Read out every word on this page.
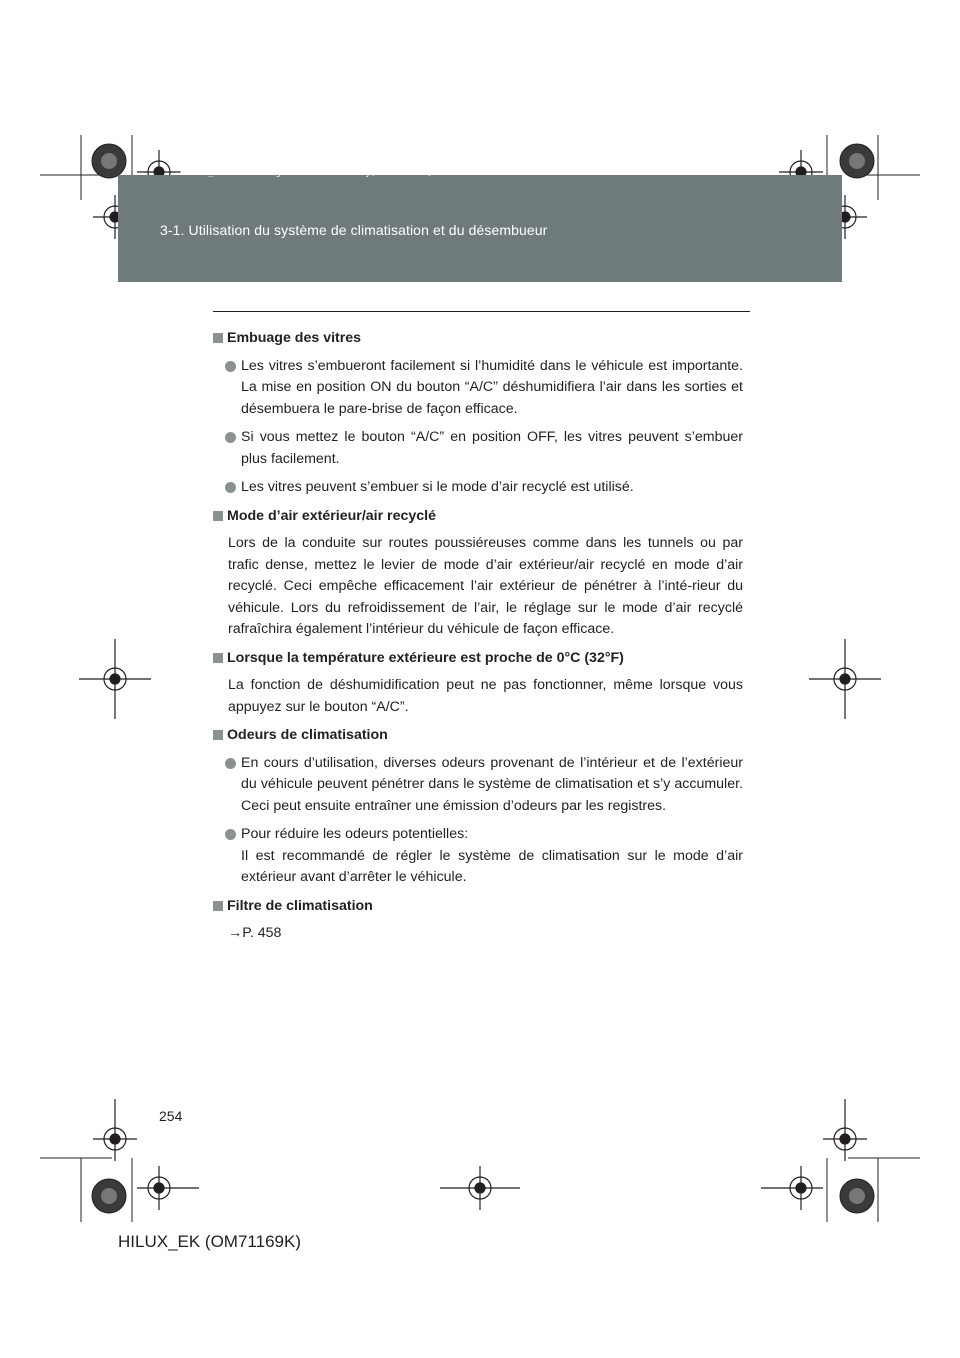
HILUX_EK.book  Page 254  Wednesday, March 23, 2011  3:03 PM
3-1. Utilisation du système de climatisation et du désembueur
Embuage des vitres
Les vitres s’embueront facilement si l’humidité dans le véhicule est importante. La mise en position ON du bouton “A/C” déshumidifiera l’air dans les sorties et désembuera le pare-brise de façon efficace.
Si vous mettez le bouton “A/C” en position OFF, les vitres peuvent s’embuer plus facilement.
Les vitres peuvent s’embuer si le mode d’air recyclé est utilisé.
Mode d’air extérieur/air recyclé
Lors de la conduite sur routes poussiéreuses comme dans les tunnels ou par trafic dense, mettez le levier de mode d’air extérieur/air recyclé en mode d’air recyclé. Ceci empêche efficacement l’air extérieur de pénétrer à l’inté-rieur du véhicule. Lors du refroidissement de l’air, le réglage sur le mode d’air recyclé rafraîchira également l’intérieur du véhicule de façon efficace.
Lorsque la température extérieure est proche de 0°C (32°F)
La fonction de déshumidification peut ne pas fonctionner, même lorsque vous appuyez sur le bouton “A/C”.
Odeurs de climatisation
En cours d’utilisation, diverses odeurs provenant de l’intérieur et de l’extérieur du véhicule peuvent pénétrer dans le système de climatisation et s’y accumuler. Ceci peut ensuite entraîner une émission d’odeurs par les registres.
Pour réduire les odeurs potentielles:
Il est recommandé de régler le système de climatisation sur le mode d’air extérieur avant d’arrêter le véhicule.
Filtre de climatisation
→P. 458
254
HILUX_EK (OM71169K)
